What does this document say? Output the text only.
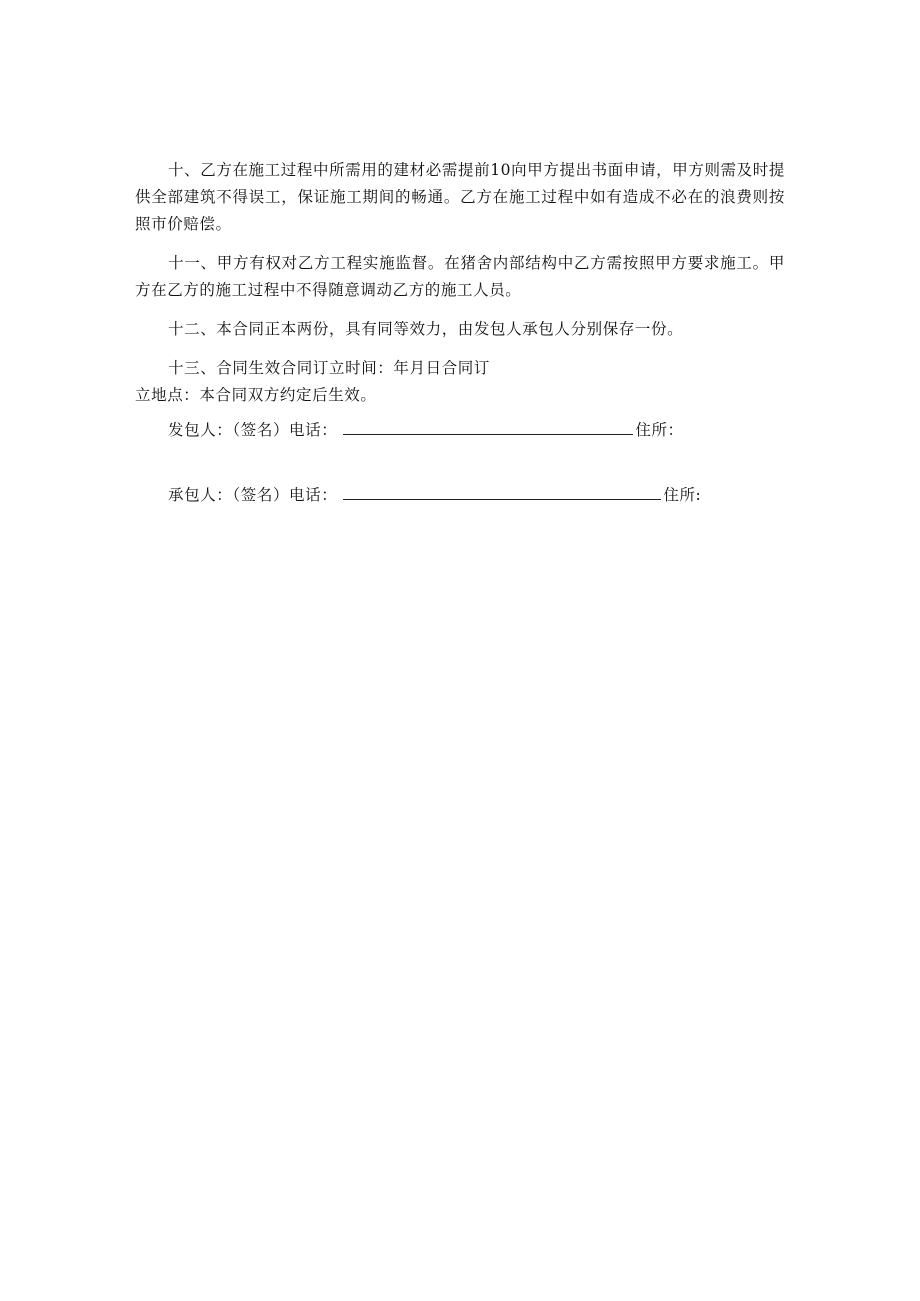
十、乙方在施工过程中所需用的建材必需提前10向甲方提出书面申请，甲方则需及时提供全部建筑不得误工，保证施工期间的畅通。乙方在施工过程中如有造成不必在的浪费则按照市价赔偿。

十一、甲方有权对乙方工程实施监督。在猪舍内部结构中乙方需按照甲方要求施工。甲方在乙方的施工过程中不得随意调动乙方的施工人员。

十二、本合同正本两份，具有同等效力，由发包人承包人分别保存一份。

十三、合同生效合同订立时间：年月日合同订
立地点：本合同双方约定后生效。

发包人：（签名）电话：	住所：
承包人：（签名）电话：	住所:
